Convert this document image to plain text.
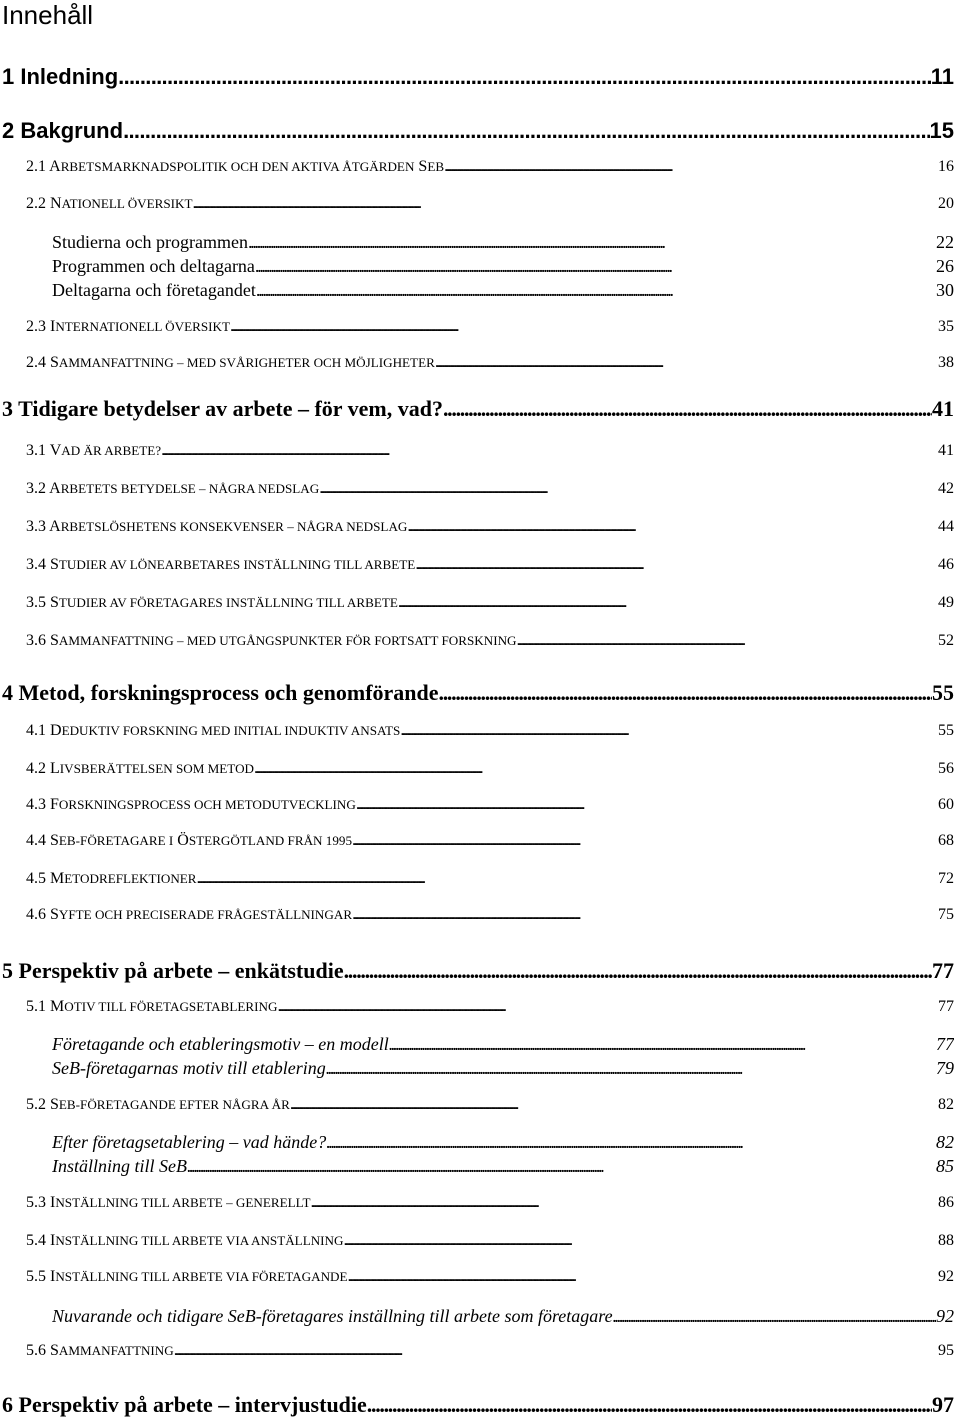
Innehåll
1 Inledning . . .	11
2 Bakgrund . . .	15
2.1 ARBETSMARKNADSPOLITIK OCH DEN AKTIVA ÅTGÄRDEN SEB . . .	16
2.2 NATIONELL ÖVERSIKT . . .	20
Studierna och programmen . . .	22
Programmen och deltagarna . . .	26
Deltagarna och företagandet . . .	30
2.3 INTERNATIONELL ÖVERSIKT . . .	35
2.4 SAMMANFATTNING – MED SVÅRIGHETER OCH MÖJLIGHETER . . .	38
3 Tidigare betydelser av arbete – för vem, vad? . . .	41
3.1 VAD ÄR ARBETE? . . .	41
3.2 ARBETETS BETYDELSE – NÅGRA NEDSLAG . . .	42
3.3 ARBETSLÖSHETENS KONSEKVENSER – NÅGRA NEDSLAG . . .	44
3.4 STUDIER AV LÖNEARBETARES INSTÄLLNING TILL ARBETE . . .	46
3.5 STUDIER AV FÖRETAGARES INSTÄLLNING TILL ARBETE . . .	49
3.6 SAMMANFATTNING – MED UTGÅNGSPUNKTER FÖR FORTSATT FORSKNING . . .	52
4 Metod, forskningsprocess och genomförande . . .	55
4.1 DEDUKTIV FORSKNING MED INITIAL INDUKTIV ANSATS . . .	55
4.2 LIVSBERÄTTELSEN SOM METOD . . .	56
4.3 FORSKNINGSPROCESS OCH METODUTVECKLING . . .	60
4.4 SEB-FÖRETAGARE I ÖSTERGÖTLAND FRÅN 1995 . . .	68
4.5 METODREFLEKTIONER . . .	72
4.6 SYFTE OCH PRECISERADE FRÅGESTÄLLNINGAR . . .	75
5 Perspektiv på arbete – enkätstudie . . .	77
5.1 MOTIV TILL FÖRETAGSETABLERING . . .	77
Företagande och etableringsmotiv – en modell . . .	77
SeB-företagarnas motiv till etablering . . .	79
5.2 SEB-FÖRETAGANDE EFTER NÅGRA ÅR . . .	82
Efter företagsetablering – vad hände? . . .	82
Inställning till SeB . . .	85
5.3 INSTÄLLNING TILL ARBETE – GENERELLT . . .	86
5.4 INSTÄLLNING TILL ARBETE VIA ANSTÄLLNING . . .	88
5.5 INSTÄLLNING TILL ARBETE VIA FÖRETAGANDE . . .	92
Nuvarande och tidigare SeB-företagares inställning till arbete som företagare . . .	92
5.6 SAMMANFATTNING . . .	95
6 Perspektiv på arbete – intervjustudie . . .	97
